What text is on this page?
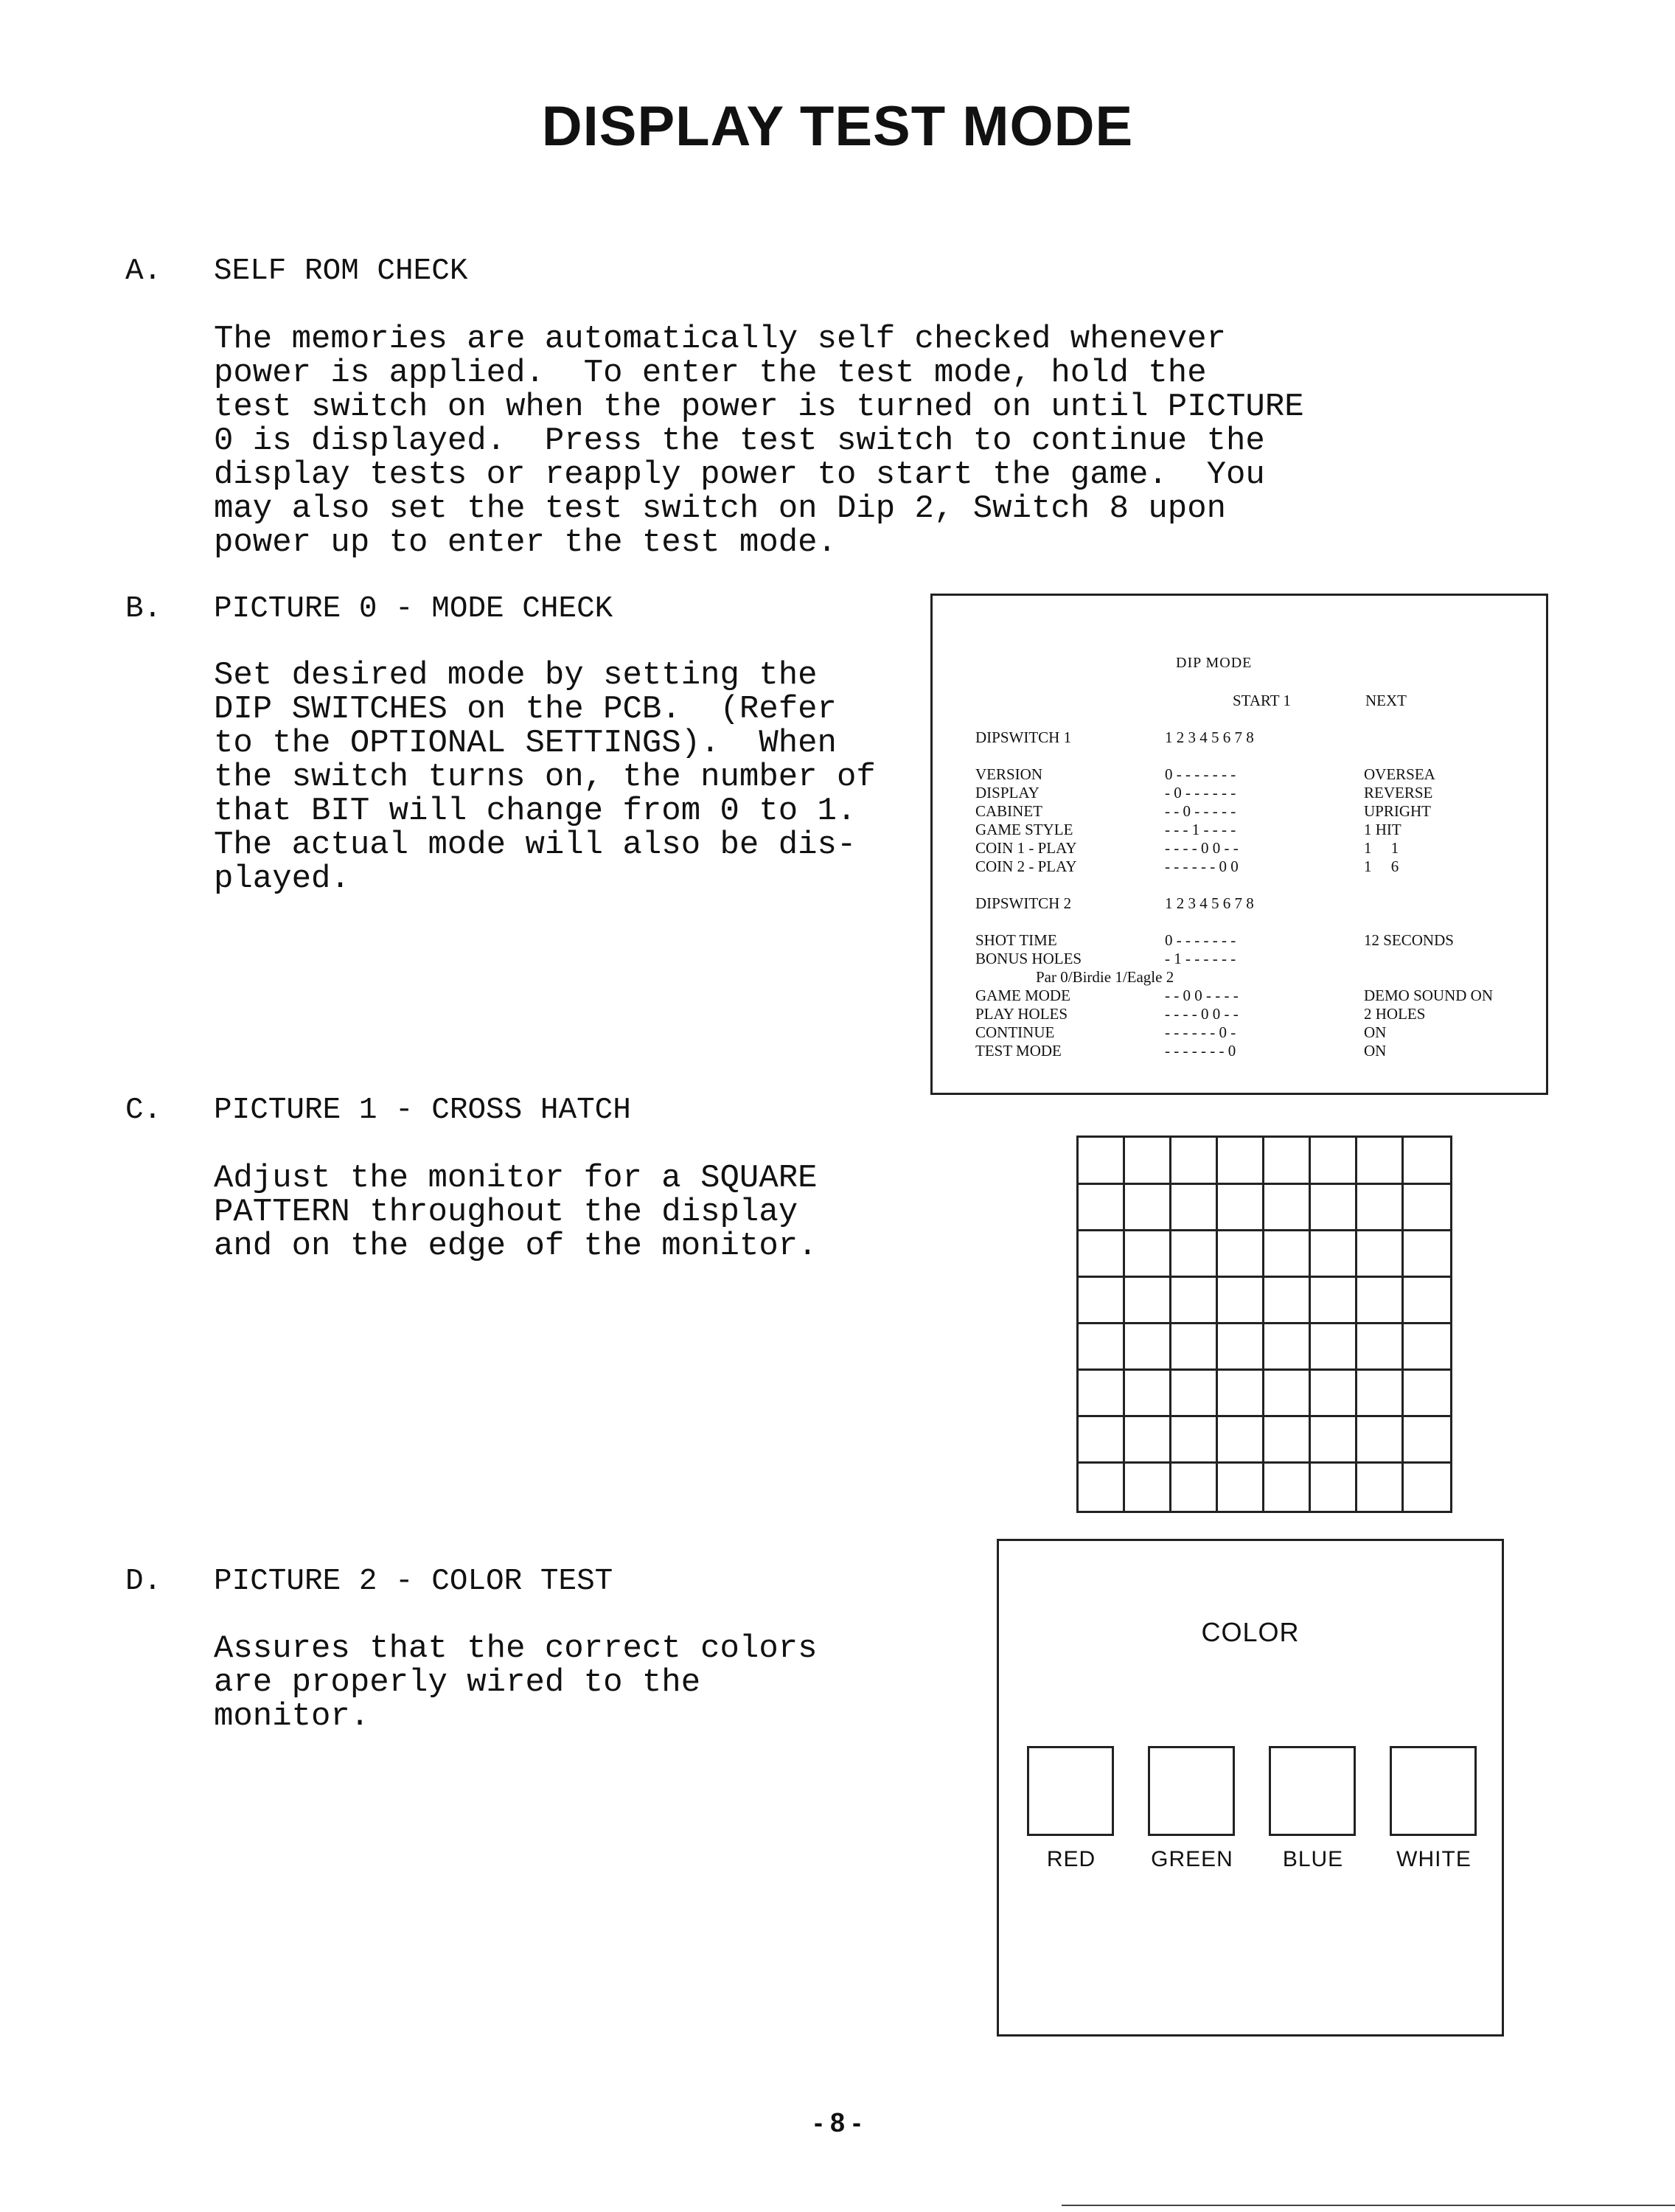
DISPLAY TEST MODE
A. SELF ROM CHECK
The memories are automatically self checked whenever
power is applied.  To enter the test mode, hold the
test switch on when the power is turned on until PICTURE
0 is displayed.  Press the test switch to continue the
display tests or reapply power to start the game.  You
may also set the test switch on Dip 2, Switch 8 upon
power up to enter the test mode.
B. PICTURE 0 - MODE CHECK
Set desired mode by setting the
DIP SWITCHES on the PCB.  (Refer
to the OPTIONAL SETTINGS).  When
the switch turns on, the number of
that BIT will change from 0 to 1.
The actual mode will also be dis-
played.
DIP MODE
START 1	NEXT
DIPSWITCH 1	1 2 3 4 5 6 7 8
VERSION	0 - - - - - - -	OVERSEA
DISPLAY	- 0 - - - - - -	REVERSE
CABINET	- - 0 - - - - -	UPRIGHT
GAME STYLE	- - - 1 - - - -	1 HIT
COIN 1 - PLAY	- - - - 0 0 - -	1     1
COIN 2 - PLAY	- - - - - - 0 0	1     6
DIPSWITCH 2	1 2 3 4 5 6 7 8
SHOT TIME	0 - - - - - - -	12 SECONDS
BONUS HOLES	- 1 - - - - - -
Par 0/Birdie 1/Eagle 2
GAME MODE	- - 0 0 - - - -	DEMO SOUND ON
PLAY HOLES	- - - - 0 0 - -	2 HOLES
CONTINUE	- - - - - - 0 -	ON
TEST MODE	- - - - - - - 0	ON
C. PICTURE 1 - CROSS HATCH
Adjust the monitor for a SQUARE
PATTERN throughout the display
and on the edge of the monitor.
D. PICTURE 2 - COLOR TEST
Assures that the correct colors
are properly wired to the
monitor.
COLOR
RED	GREEN	BLUE	WHITE
- 8 -
